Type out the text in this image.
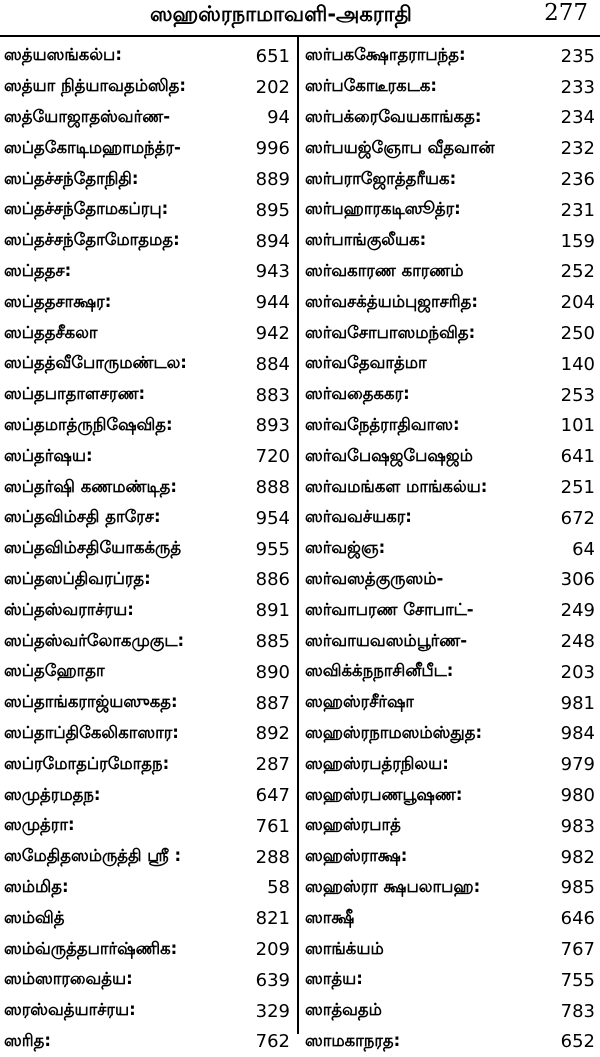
ஸஹஸ்ரநாமாவளி-அகராதி	277
ஸத்யஸங்கல்ப:	651
ஸத்யா நித்யாவதம்ஸித:	202
ஸத்யோஜாதஸ்வர்ண-	94
ஸப்தகோடிமஹாமந்த்ர-	996
ஸப்தச்சந்தோநிதி:	889
ஸப்தச்சந்தோமகப்ரபு:	895
ஸப்தச்சந்தோமோதமத:	894
ஸப்ததச:	943
ஸப்ததசாக்ஷர:	944
ஸப்ததசீகலா	942
ஸப்தத்வீபோருமண்டல:	884
ஸப்தபாதாளசரண:	883
ஸப்தமாத்ருநிஷேவித:	893
ஸப்தர்ஷய:	720
ஸப்தர்ஷி கணமண்டித:	888
ஸப்தவிம்சதி தாரேச:	954
ஸப்தவிம்சதியோகக்ருத்	955
ஸப்தஸப்திவரப்ரத:	886
ஸ்ப்தஸ்வராச்ரய:	891
ஸப்தஸ்வர்லோகமுகுட:	885
ஸப்தஹோதா	890
ஸப்தாங்கராஜ்யஸுகத:	887
ஸப்தாப்திகேலிகாஸார:	892
ஸப்ரமோதப்ரமோதந:	287
ஸமுத்ரமதந:	647
ஸமுத்ரா:	761
ஸமேதிதஸம்ருத்தி ஸ்ரீ :	288
ஸம்மித:	58
ஸம்வித்	821
ஸம்வ்ருத்தபார்ஷ்ணிக:	209
ஸம்ஸாரவைத்ய:	639
ஸரஸ்வத்யாச்ரய:	329
ஸரித:	762
ஸர்பகக்ஷோதராபந்த:	235
ஸர்பகோடீரகடக:	233
ஸர்பக்ரைவேயகாங்கத:	234
ஸர்பயஜ்ஞோப வீதவான்	232
ஸர்பராஜோத்தரீயக:	236
ஸர்பஹாரகடிஸூத்ர:	231
ஸர்பாங்குலீயக:	159
ஸர்வகாரண காரணம்	252
ஸர்வசக்த்யம்புஜாசரித:	204
ஸர்வசோபாஸமந்வித:	250
ஸர்வதேவாத்மா	140
ஸர்வதைககர:	253
ஸர்வநேத்ராதிவாஸ:	101
ஸர்வபேஷஜபேஷஜம்	641
ஸர்வமங்கள மாங்கல்ய:	251
ஸர்வவச்யகர:	672
ஸர்வஜ்ஞ:	64
ஸர்வஸத்குருஸம்-	306
ஸர்வாபரண சோபாட்-	249
ஸர்வாயவஸம்பூர்ண-	248
ஸவிக்க்நநாசினீபீட:	203
ஸஹஸ்ரசீர்ஷா	981
ஸஹஸ்ரநாமஸம்ஸ்துத:	984
ஸஹஸ்ரபத்ரநிலய:	979
ஸஹஸ்ரபணபூஷண:	980
ஸஹஸ்ரபாத்	983
ஸஹஸ்ராக்ஷ:	982
ஸஹஸ்ரா க்ஷபலாபஹ:	985
ஸாக்ஷீ	646
ஸாங்க்யம்	767
ஸாத்ய:	755
ஸாத்வதம்	783
ஸாமகாநரத:	652
